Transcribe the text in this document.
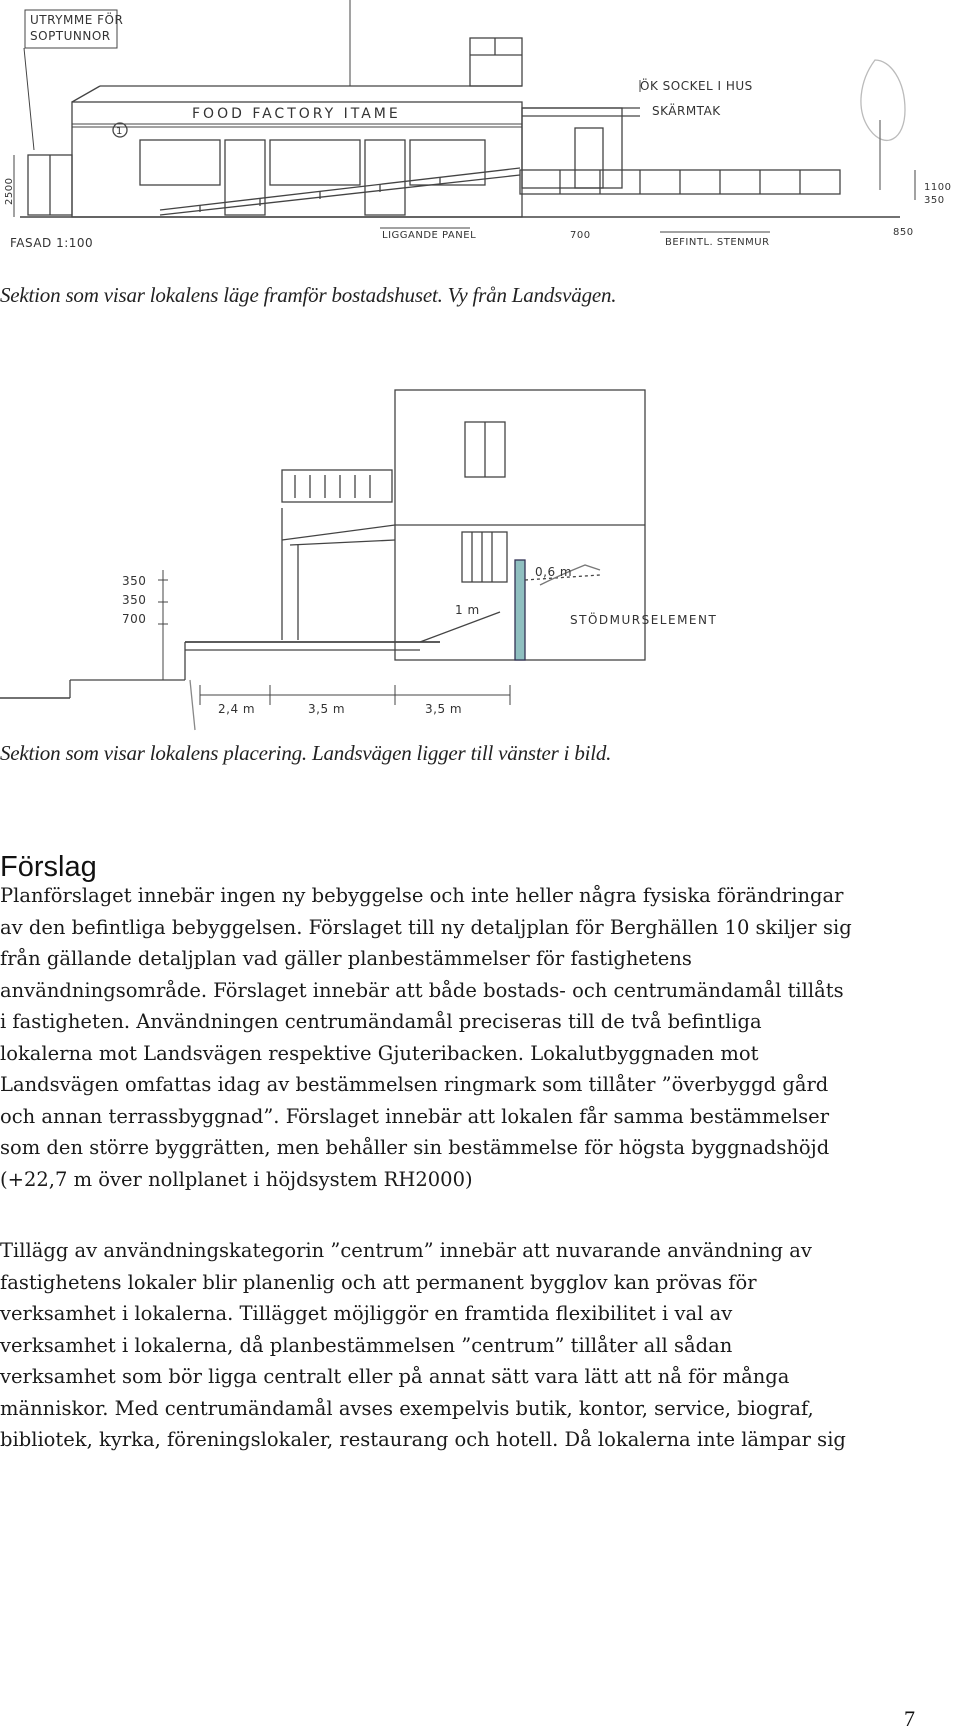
UTRYMME FÖR
SOPTUNNOR
FOOD FACTORY ITAME
1
ÖK SOCKEL I HUS
SKÄRMTAK
2500	1100
350
FASAD 1:100
LIGGANDE PANEL	700
BEFINTL. STENMUR
850

Sektion som visar lokalens läge framför bostadshuset. Vy från Landsvägen.

350
350
700
2,4 m	3,5 m	3,5 m
0,6 m
1 m
STÖDMURSELEMENT

Sektion som visar lokalens placering. Landsvägen ligger till vänster i bild.

Förslag
Planförslaget innebär ingen ny bebyggelse och inte heller några fysiska förändringar
av den befintliga bebyggelsen. Förslaget till ny detaljplan för Berghällen 10 skiljer sig
från gällande detaljplan vad gäller planbestämmelser för fastighetens
användningsområde. Förslaget innebär att både bostads- och centrumändamål tillåts
i fastigheten. Användningen centrumändamål preciseras till de två befintliga
lokalerna mot Landsvägen respektive Gjuteribacken. Lokalutbyggnaden mot
Landsvägen omfattas idag av bestämmelsen ringmark som tillåter ”överbyggd gård
och annan terrassbyggnad”. Förslaget innebär att lokalen får samma bestämmelser
som den större byggrätten, men behåller sin bestämmelse för högsta byggnadshöjd
(+22,7 m över nollplanet i höjdsystem RH2000)
Tillägg av användningskategorin ”centrum” innebär att nuvarande användning av
fastighetens lokaler blir planenlig och att permanent bygglov kan prövas för
verksamhet i lokalerna. Tillägget möjliggör en framtida flexibilitet i val av
verksamhet i lokalerna, då planbestämmelsen ”centrum” tillåter all sådan
verksamhet som bör ligga centralt eller på annat sätt vara lätt att nå för många
människor. Med centrumändamål avses exempelvis butik, kontor, service, biograf,
bibliotek, kyrka, föreningslokaler, restaurang och hotell. Då lokalerna inte lämpar sig
7
